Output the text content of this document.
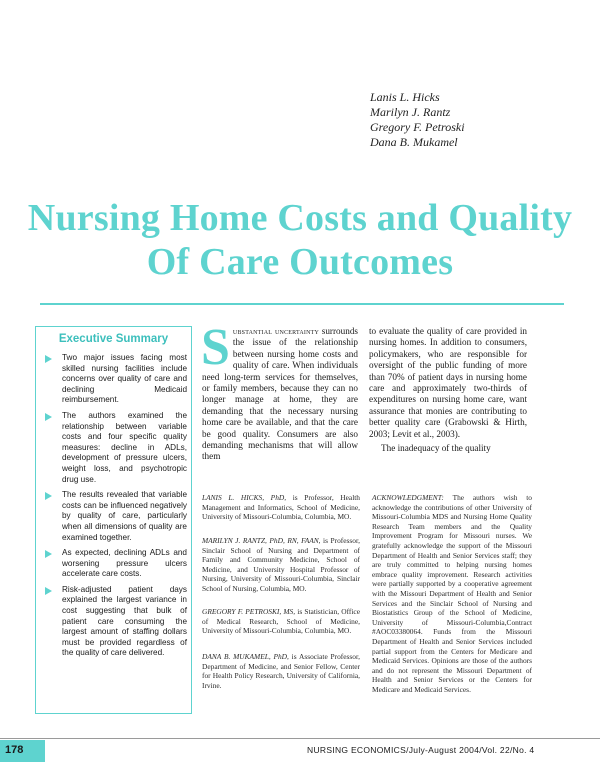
Lanis L. Hicks
Marilyn J. Rantz
Gregory F. Petroski
Dana B. Mukamel
Nursing Home Costs and Quality
Of Care Outcomes
Executive Summary
Two major issues facing most skilled nursing facilities include concerns over quality of care and declining Medicaid reimbursement.
The authors examined the relationship between variable costs and four specific quality measures: decline in ADLs, development of pressure ulcers, weight loss, and psychotropic drug use.
The results revealed that variable costs can be influenced negatively by quality of care, particularly when all dimensions of quality are examined together.
As expected, declining ADLs and worsening pressure ulcers accelerate care costs.
Risk-adjusted patient days explained the largest variance in cost suggesting that bulk of patient care consuming the largest amount of staffing dollars must be provided regardless of the quality of care delivered.
Substantial uncertainty surrounds the issue of the relationship between nursing home costs and quality of care. When individuals need long-term services for themselves, or family members, because they can no longer manage at home, they are demanding that the necessary nursing home care be available, and that the care be good quality. Consumers are also demanding mechanisms that will allow them
to evaluate the quality of care provided in nursing homes. In addition to consumers, policymakers, who are responsible for oversight of the public funding of more than 70% of patient days in nursing home care and approximately two-thirds of expenditures on nursing home care, want assurance that monies are contributing to better quality care (Grabowski & Hirth, 2003; Levit et al., 2003).
The inadequacy of the quality
LANIS L. HICKS, PhD, is Professor, Health Management and Informatics, School of Medicine, University of Missouri-Columbia, Columbia, MO.
MARILYN J. RANTZ, PhD, RN, FAAN, is Professor, Sinclair School of Nursing and Department of Family and Community Medicine, School of Medicine, and University Hospital Professor of Nursing, University of Missouri-Columbia, Sinclair School of Nursing, Columbia, MO.
GREGORY F. PETROSKI, MS, is Statistician, Office of Medical Research, School of Medicine, University of Missouri-Columbia, Columbia, MO.
DANA B. MUKAMEL, PhD, is Associate Professor, Department of Medicine, and Senior Fellow, Center for Health Policy Research, University of California, Irvine.
ACKNOWLEDGMENT: The authors wish to acknowledge the contributions of other University of Missouri-Columbia MDS and Nursing Home Quality Research Team members and the Quality Improvement Program for Missouri nurses. We gratefully acknowledge the support of the Missouri Department of Health and Senior Services staff; they are truly committed to helping nursing homes embrace quality improvement. Research activities were partially supported by a cooperative agreement with the Missouri Department of Health and Senior Services and the Sinclair School of Nursing and Biostatistics Group of the School of Medicine, University of Missouri-Columbia,Contract #AOC03380064. Funds from the Missouri Department of Health and Senior Services included partial support from the Centers for Medicare and Medicaid Services. Opinions are those of the authors and do not represent the Missouri Department of Health and Senior Services or the Centers for Medicare and Medicaid Services.
178	NURSING ECONOMICS/July-August 2004/Vol. 22/No. 4
